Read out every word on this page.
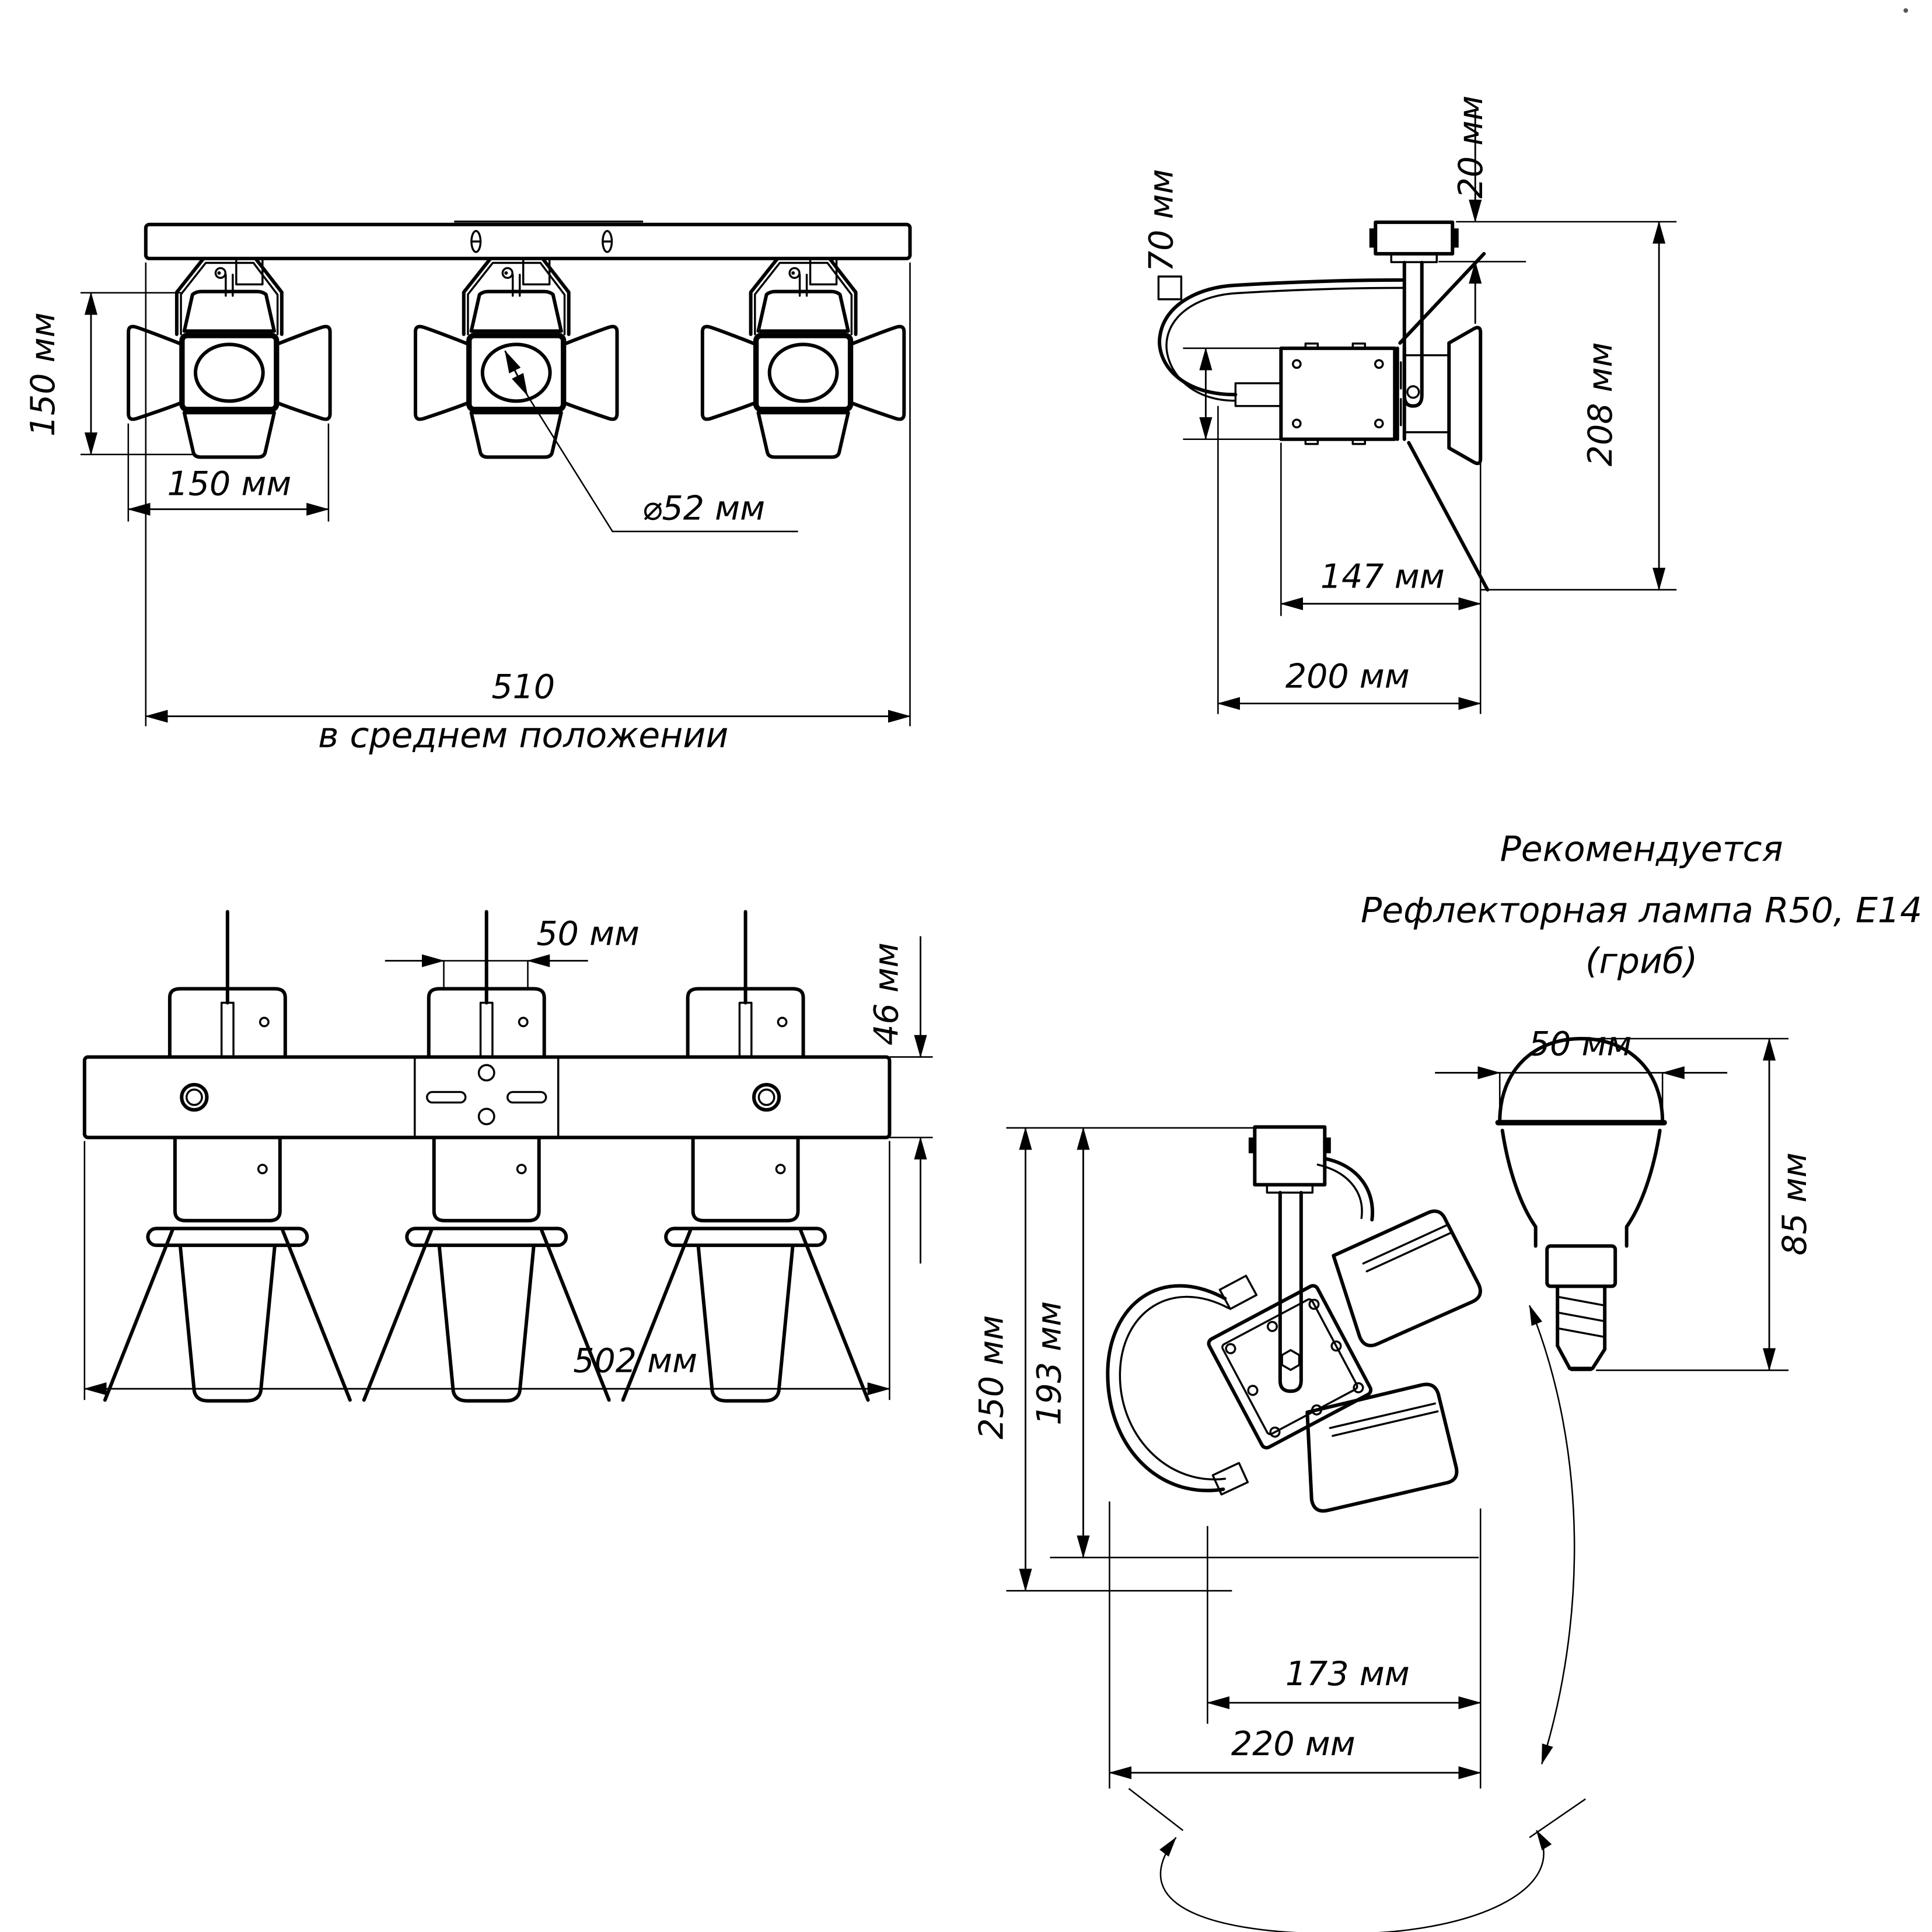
150 мм
150 мм
⌀52 мм
510
в среднем положении
20 мм
70 мм
208 мм
147 мм
200 мм
50 мм
46 мм
502 мм	250 мм 193 мм
173 мм
220 мм
Рекомендуется
Рефлекторная лампа R50, E14
(гриб)
50 мм
85 мм
